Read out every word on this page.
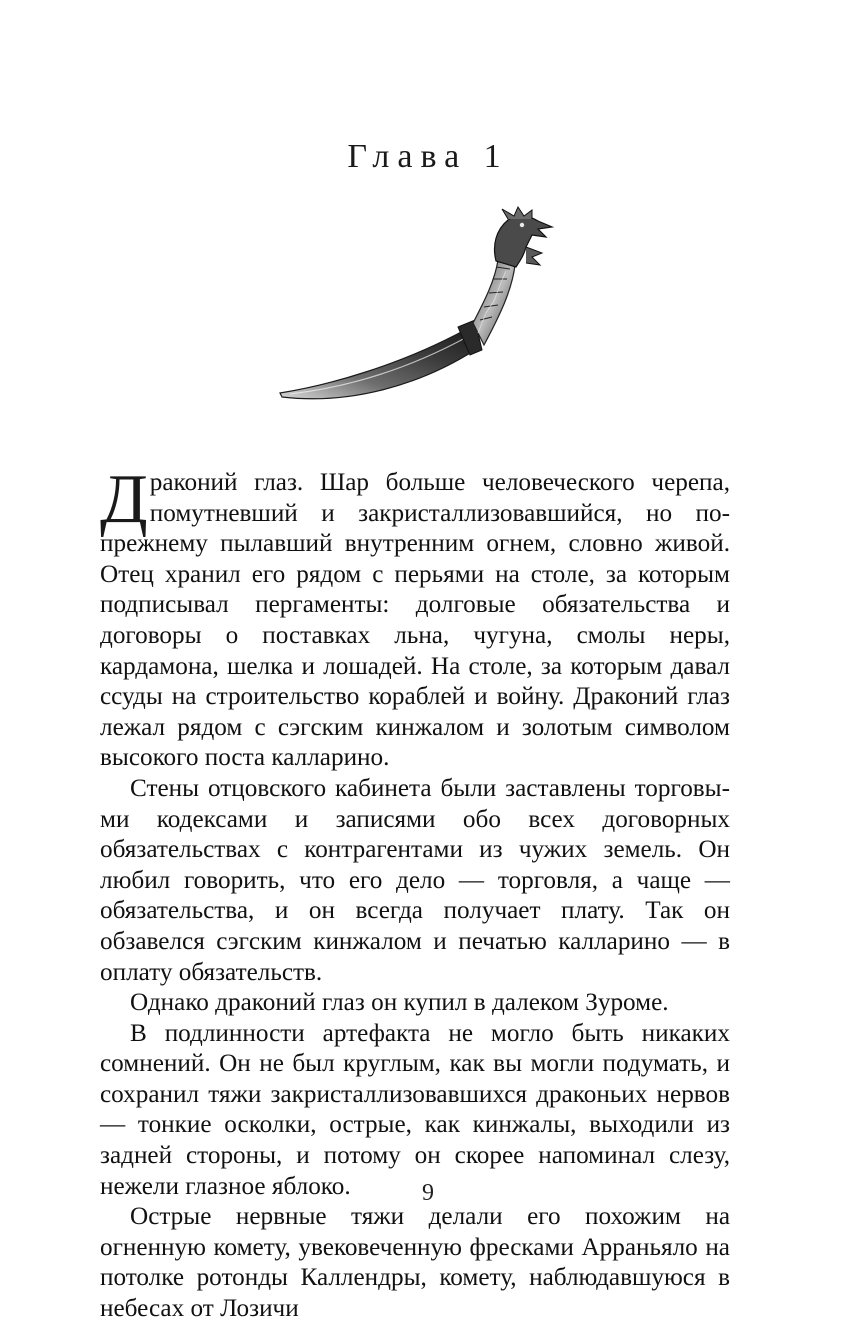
Глава 1

Драконий глаз. Шар больше человеческого черепа, помутневший и закристаллизовавшийся, но по-прежнему пылавший внутренним огнем, словно живой. Отец хранил его рядом с перьями на столе, за которым подписывал пергаменты: долговые обязательства и договоры о поставках льна, чугуна, смолы неры, кардамона, шелка и лошадей. На столе, за которым давал ссуды на строительство кораблей и войну. Драконий глаз лежал рядом с сэгским кинжалом и золотым символом высокого поста калларино.

Стены отцовского кабинета были заставлены торговыми кодексами и записями обо всех договорных обязательствах с контрагентами из чужих земель. Он любил говорить, что его дело — торговля, а чаще — обязательства, и он всегда получает плату. Так он обзавелся сэгским кинжалом и печатью калларино — в оплату обязательств.

Однако драконий глаз он купил в далеком Зуроме.

В подлинности артефакта не могло быть никаких сомнений. Он не был круглым, как вы могли подумать, и сохранил тяжи закристаллизовавшихся драконьих нервов — тонкие осколки, острые, как кинжалы, выходили из задней стороны, и потому он скорее напоминал слезу, нежели глазное яблоко.

Острые нервные тяжи делали его похожим на огненную комету, увековеченную фресками Арраньяло на потолке ротонды Каллендры, комету, наблюдавшуюся в небесах от Лозичи

9
